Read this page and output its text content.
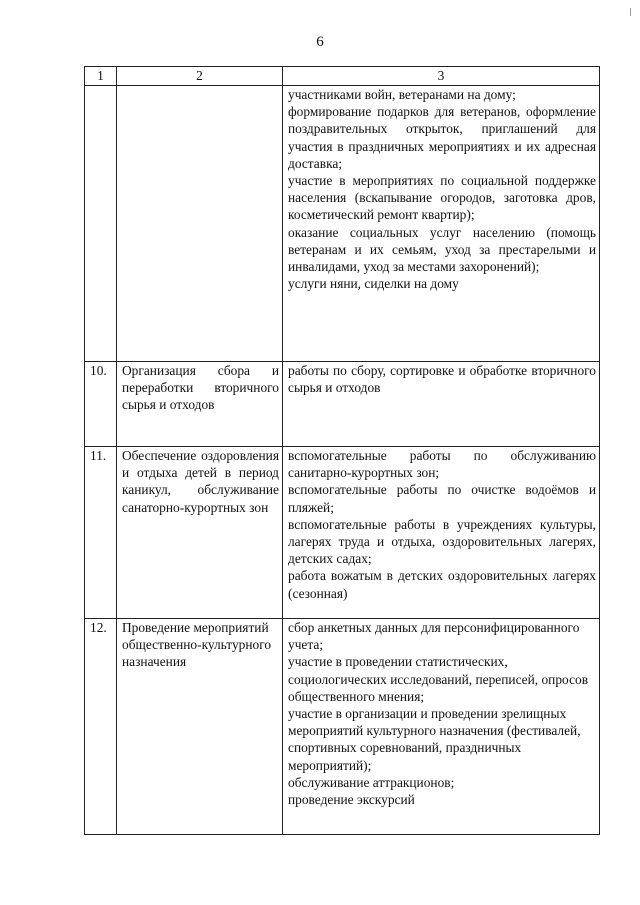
6
1	2	3

		участниками войн, ветеранами на дому;
формирование подарков для ветеранов, оформление поздравительных открыток, приглашений для участия в праздничных мероприятиях и их адресная доставка;
участие в мероприятиях по социальной поддержке населения (вскапывание огородов, заготовка дров, косметический ремонт квартир);
оказание социальных услуг населению (помощь ветеранам и их семьям, уход за престарелыми и инвалидами, уход за местами захоронений);
услуги няни, сиделки на дому

10.	Организация сбора и переработки вторичного сырья и отходов	работы по сбору, сортировке и обработке вторичного сырья и отходов

11.	Обеспечение оздоровления и отдыха детей в период каникул, обслуживание санаторно-курортных зон	вспомогательные работы по обслуживанию санитарно-курортных зон;
вспомогательные работы по очистке водоёмов и пляжей;
вспомогательные работы в учреждениях культуры, лагерях труда и отдыха, оздоровительных лагерях, детских садах;
работа вожатым в детских оздоровительных лагерях (сезонная)

12.	Проведение мероприятий общественно-культурного назначения	сбор анкетных данных для персонифицированного учета;
участие в проведении статистических, социологических исследований, переписей, опросов общественного мнения;
участие в организации и проведении зрелищных мероприятий культурного назначения (фестивалей, спортивных соревнований, праздничных мероприятий);
обслуживание аттракционов;
проведение экскурсий
